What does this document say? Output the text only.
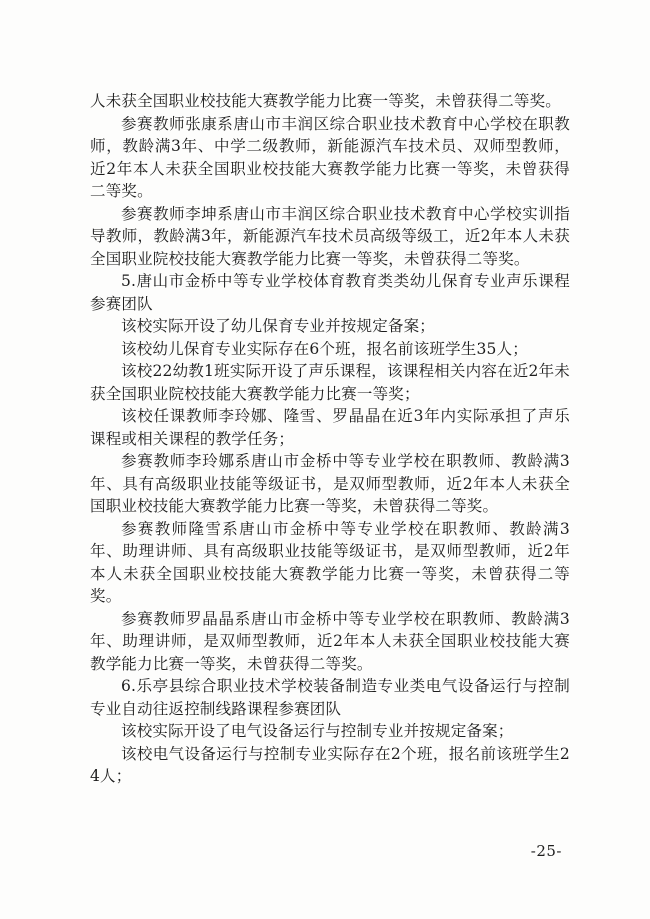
人未获全国职业校技能大赛教学能力比赛一等奖，未曾获得二等奖。

参赛教师张康系唐山市丰润区综合职业技术教育中心学校在职教师，教龄满3年、中学二级教师，新能源汽车技术员、双师型教师，近2年本人未获全国职业校技能大赛教学能力比赛一等奖，未曾获得二等奖。

参赛教师李坤系唐山市丰润区综合职业技术教育中心学校实训指导教师，教龄满3年，新能源汽车技术员高级等级工，近2年本人未获全国职业院校技能大赛教学能力比赛一等奖，未曾获得二等奖。

5.唐山市金桥中等专业学校体育教育类类幼儿保育专业声乐课程参赛团队

该校实际开设了幼儿保育专业并按规定备案；

该校幼儿保育专业实际存在6个班，报名前该班学生35人；

该校22幼教1班实际开设了声乐课程，该课程相关内容在近2年未获全国职业院校技能大赛教学能力比赛一等奖；

该校任课教师李玲娜、隆雪、罗晶晶在近3年内实际承担了声乐课程或相关课程的教学任务；

参赛教师李玲娜系唐山市金桥中等专业学校在职教师、教龄满3年、具有高级职业技能等级证书，是双师型教师，近2年本人未获全国职业校技能大赛教学能力比赛一等奖，未曾获得二等奖。

参赛教师隆雪系唐山市金桥中等专业学校在职教师、教龄满3年、助理讲师、具有高级职业技能等级证书，是双师型教师，近2年本人未获全国职业校技能大赛教学能力比赛一等奖，未曾获得二等奖。

参赛教师罗晶晶系唐山市金桥中等专业学校在职教师、教龄满3年、助理讲师，是双师型教师，近2年本人未获全国职业校技能大赛教学能力比赛一等奖，未曾获得二等奖。

6.乐亭县综合职业技术学校装备制造专业类电气设备运行与控制专业自动往返控制线路课程参赛团队

该校实际开设了电气设备运行与控制专业并按规定备案；

该校电气设备运行与控制专业实际存在2个班，报名前该班学生24人；

-25-
